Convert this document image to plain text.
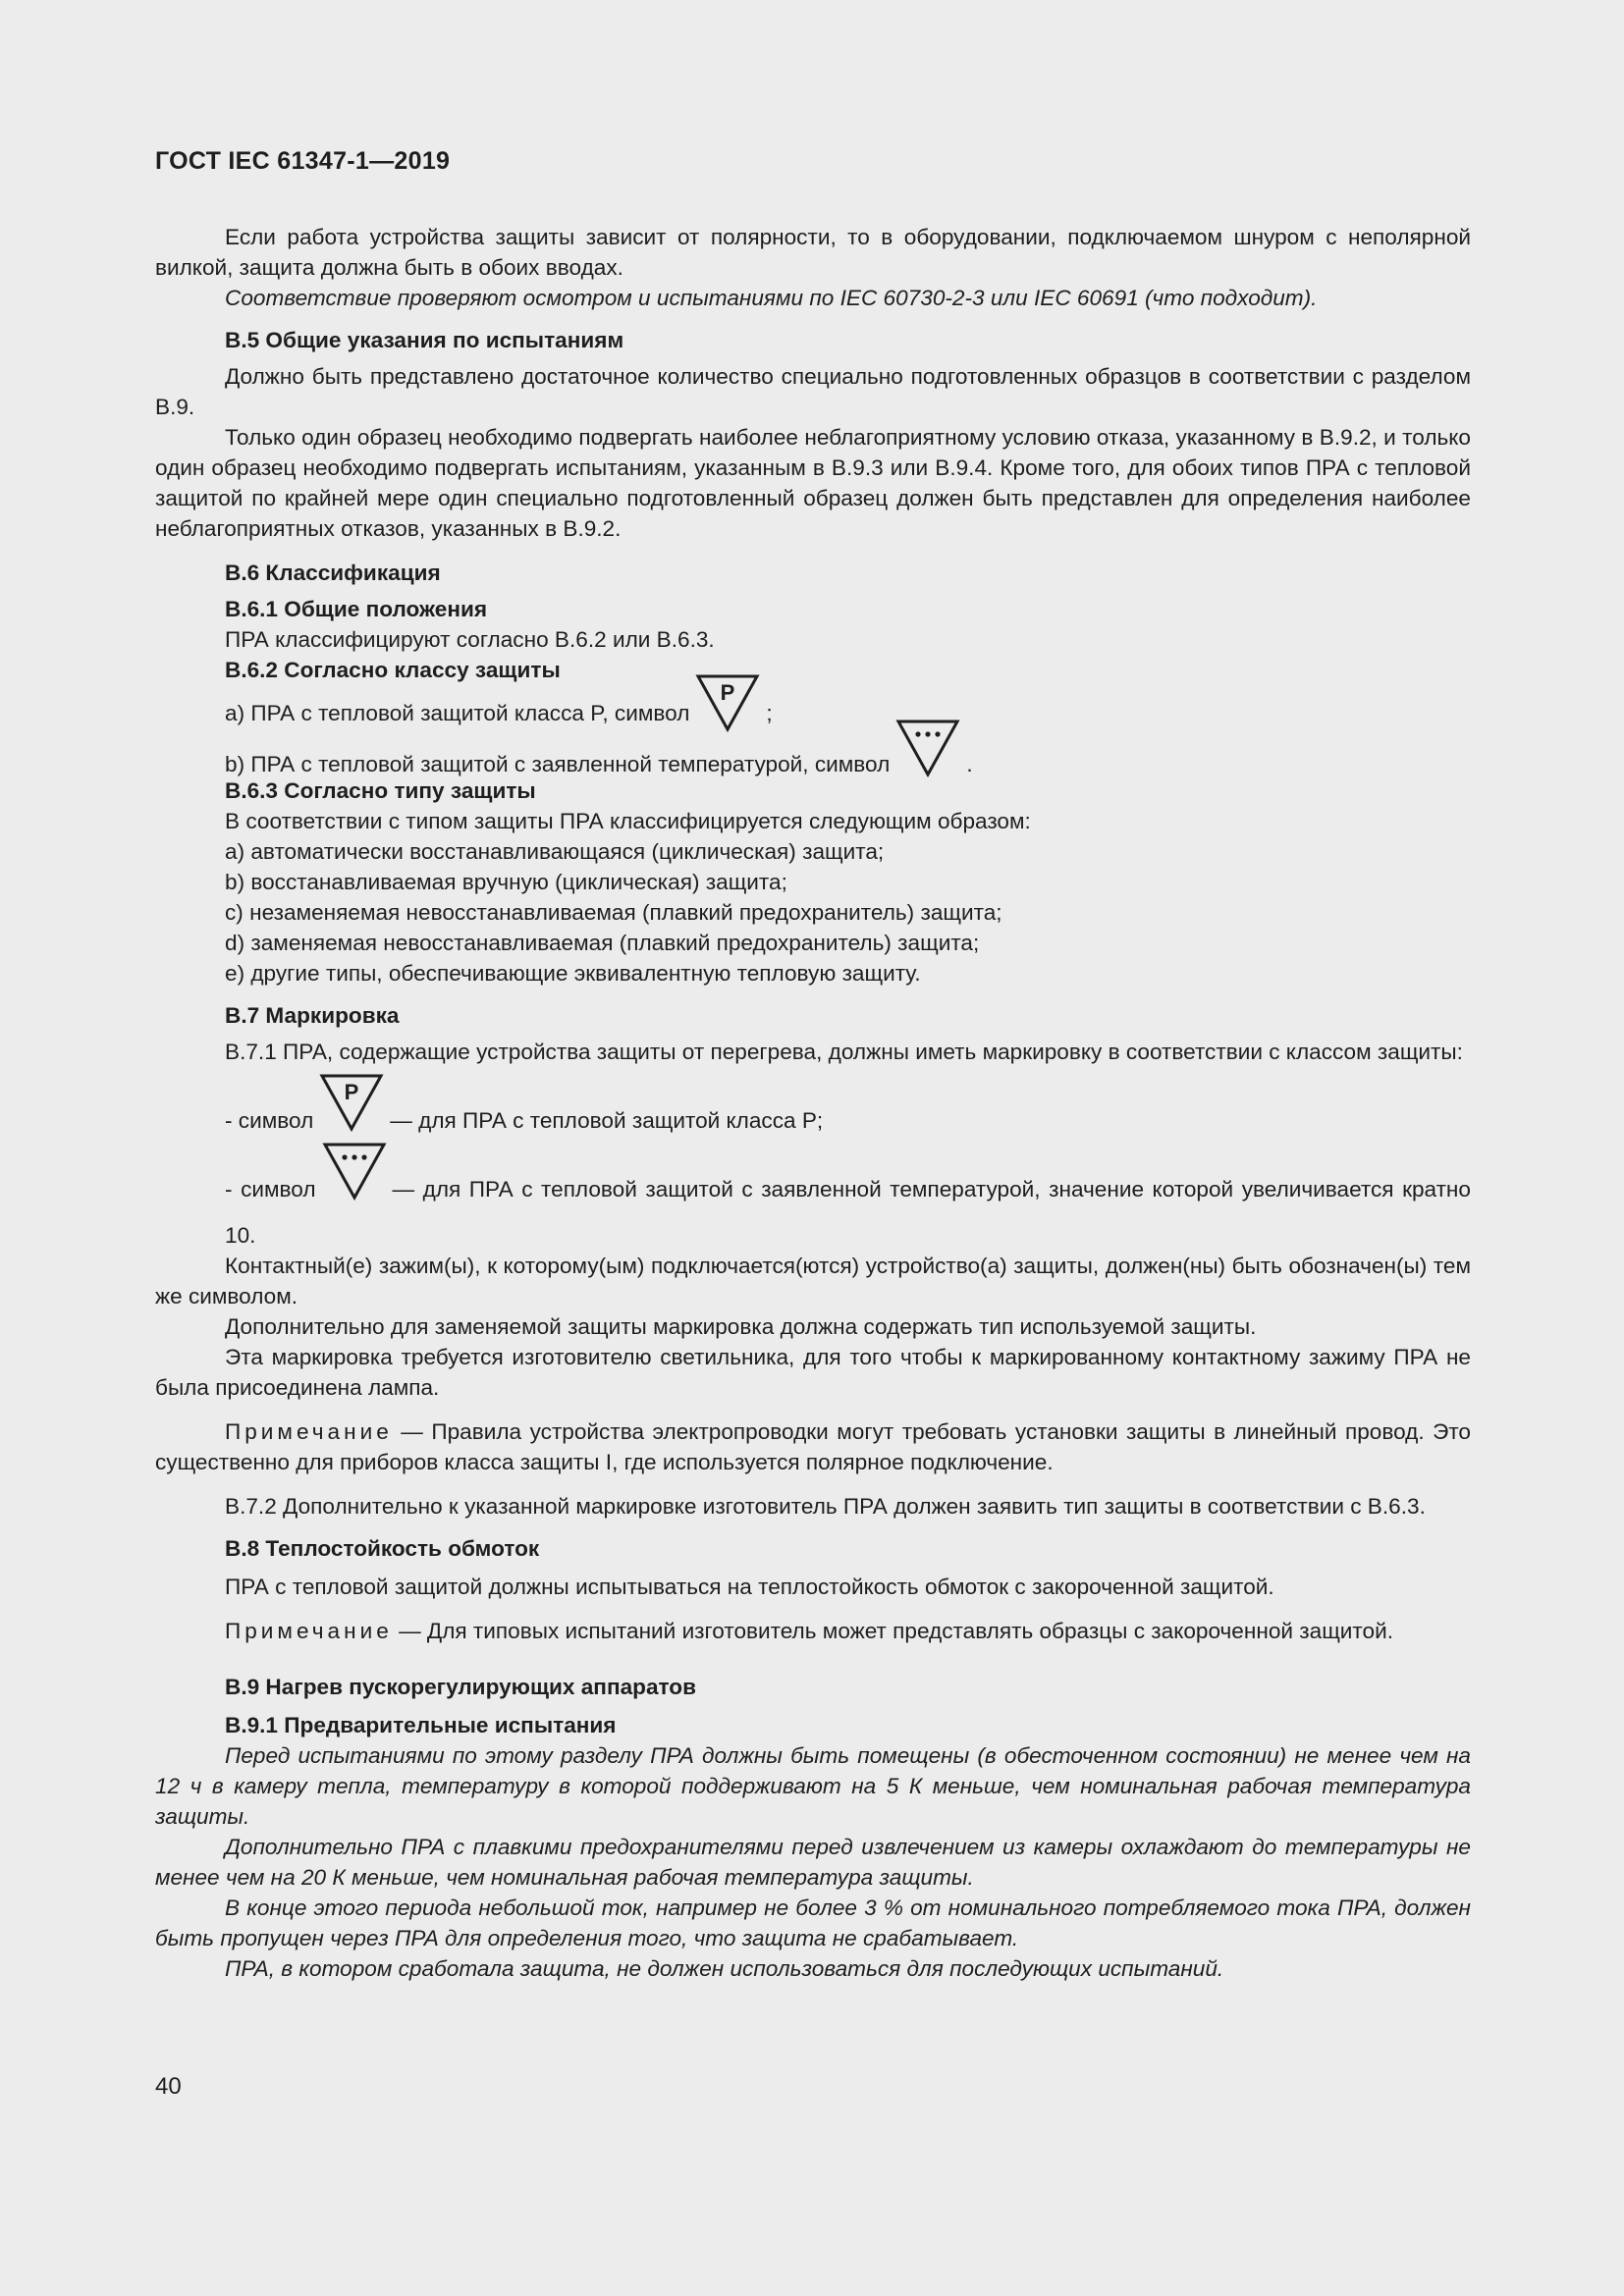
ГОСТ IEC 61347-1—2019

Если работа устройства защиты зависит от полярности, то в оборудовании, подключаемом шнуром с неполярной вилкой, защита должна быть в обоих вводах.

Соответствие проверяют осмотром и испытаниями по IEC 60730-2-3 или IEC 60691 (что подходит).

B.5 Общие указания по испытаниям

Должно быть представлено достаточное количество специально подготовленных образцов в соответствии с разделом B.9.

Только один образец необходимо подвергать наиболее неблагоприятному условию отказа, указанному в B.9.2, и только один образец необходимо подвергать испытаниям, указанным в B.9.3 или B.9.4. Кроме того, для обоих типов ПРА с тепловой защитой по крайней мере один специально подготовленный образец должен быть представлен для определения наиболее неблагоприятных отказов, указанных в B.9.2.

B.6 Классификация
B.6.1 Общие положения

ПРА классифицируют согласно B.6.2 или B.6.3.

B.6.2 Согласно классу защиты

a) ПРА с тепловой защитой класса P, символ
P
;

b) ПРА с тепловой защитой с заявленной температурой, символ	.

B.6.3 Согласно типу защиты

В соответствии с типом защиты ПРА классифицируется следующим образом:

a) автоматически восстанавливающаяся (циклическая) защита;

b) восстанавливаемая вручную (циклическая) защита;

c) незаменяемая невосстанавливаемая (плавкий предохранитель) защита;

d) заменяемая невосстанавливаемая (плавкий предохранитель) защита;

e) другие типы, обеспечивающие эквивалентную тепловую защиту.

B.7 Маркировка

B.7.1 ПРА, содержащие устройства защиты от перегрева, должны иметь маркировку в соответствии с классом защиты:

- символ
P
— для ПРА с тепловой защитой класса P;

- символ	— для ПРА с тепловой защитой с заявленной температурой, значение которой увеличивается кратно 10.

Контактный(е) зажим(ы), к которому(ым) подключается(ются) устройство(а) защиты, должен(ны) быть обозначен(ы) тем же символом.

Дополнительно для заменяемой защиты маркировка должна содержать тип используемой защиты.

Эта маркировка требуется изготовителю светильника, для того чтобы к маркированному контактному зажиму ПРА не была присоединена лампа.

Примечание — Правила устройства электропроводки могут требовать установки защиты в линейный провод. Это существенно для приборов класса защиты I, где используется полярное подключение.

B.7.2 Дополнительно к указанной маркировке изготовитель ПРА должен заявить тип защиты в соответствии с B.6.3.

B.8 Теплостойкость обмоток

ПРА с тепловой защитой должны испытываться на теплостойкость обмоток с закороченной защитой.

Примечание — Для типовых испытаний изготовитель может представлять образцы с закороченной защитой.

B.9 Нагрев пускорегулирующих аппаратов
B.9.1 Предварительные испытания

Перед испытаниями по этому разделу ПРА должны быть помещены (в обесточенном состоянии) не менее чем на 12 ч в камеру тепла, температуру в которой поддерживают на 5 К меньше, чем номинальная рабочая температура защиты.

Дополнительно ПРА с плавкими предохранителями перед извлечением из камеры охлаждают до температуры не менее чем на 20 К меньше, чем номинальная рабочая температура защиты.

В конце этого периода небольшой ток, например не более 3 % от номинального потребляемого тока ПРА, должен быть пропущен через ПРА для определения того, что защита не срабатывает.

ПРА, в котором сработала защита, не должен использоваться для последующих испытаний.

40
